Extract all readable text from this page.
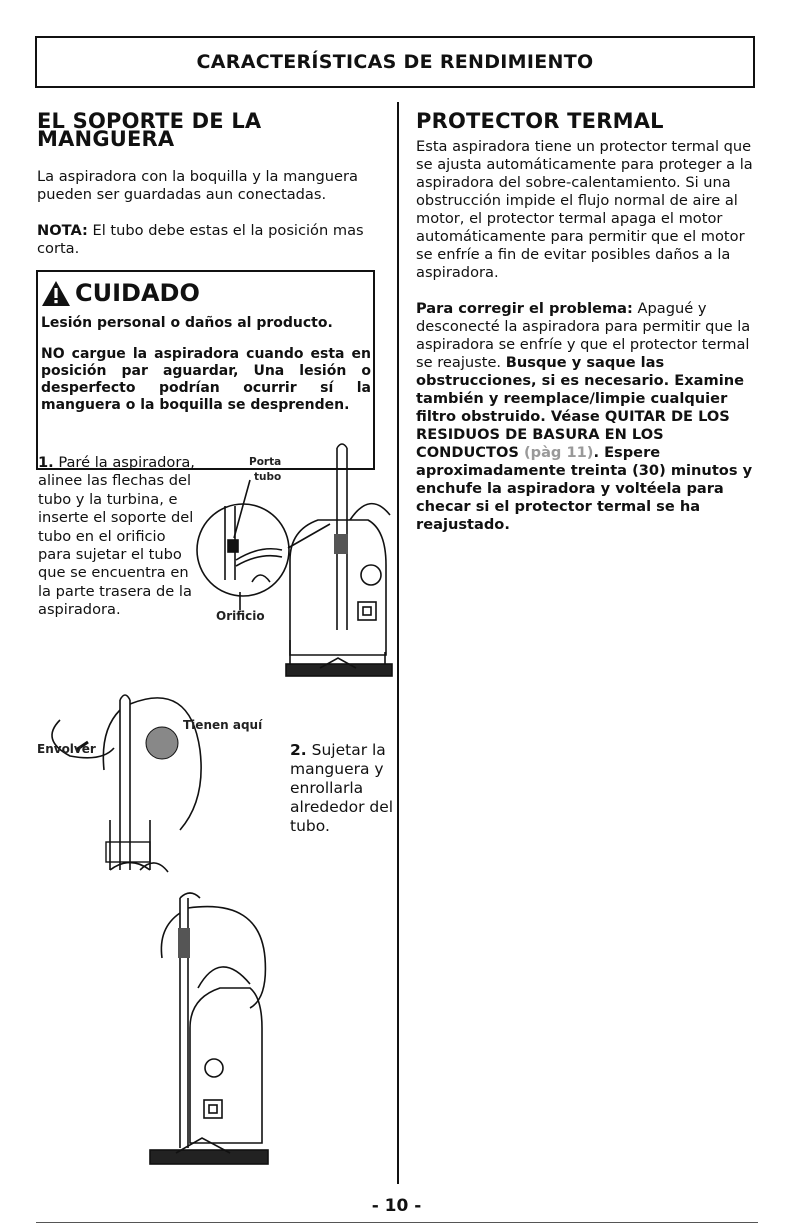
CARACTERÍSTICAS DE RENDIMIENTO
EL SOPORTE DE LA MANGUERA

La aspiradora con la boquilla y la manguera pueden ser guardadas aun conectadas.

NOTA: El tubo debe estas el la posición mas corta.

CUIDADO

Lesión personal o daños al producto.

NO cargue la aspiradora cuando esta en posición par aguardar, Una lesión o desperfecto podrían ocurrir sí la manguera o la boquilla se desprenden.

1. Paré la aspiradora, alinee las flechas del tubo y la turbina, e inserte el soporte del tubo en el orificio para sujetar el tubo que se encuentra en la parte trasera de la aspiradora.
Porta
tubo
Orificio
Tienen aquí
Envolver	2. Sujetar la manguera y enrollarla alrededor del tubo.
PROTECTOR TERMAL

Esta aspiradora tiene un protector termal que se ajusta automáticamente para proteger a la aspiradora del sobre-calentamiento. Si una obstrucción impide el flujo normal de aire al motor, el protector termal apaga el motor automáticamente para permitir que el motor se enfríe a fin de evitar posibles daños a la aspiradora.

Para corregir el problema: Apagué y desconecté la aspiradora para permitir que la aspiradora se enfríe y que el protector termal se reajuste. Busque y saque las obstrucciones, si es necesario. Examine también y reemplace/limpie cualquier filtro obstruido. Véase QUITAR DE LOS RESIDUOS DE BASURA EN LOS CONDUCTOS (pàg 11). Espere aproximadamente treinta (30) minutos y enchufe la aspiradora y voltéela para checar si el protector termal se ha reajustado.

- 10 -
